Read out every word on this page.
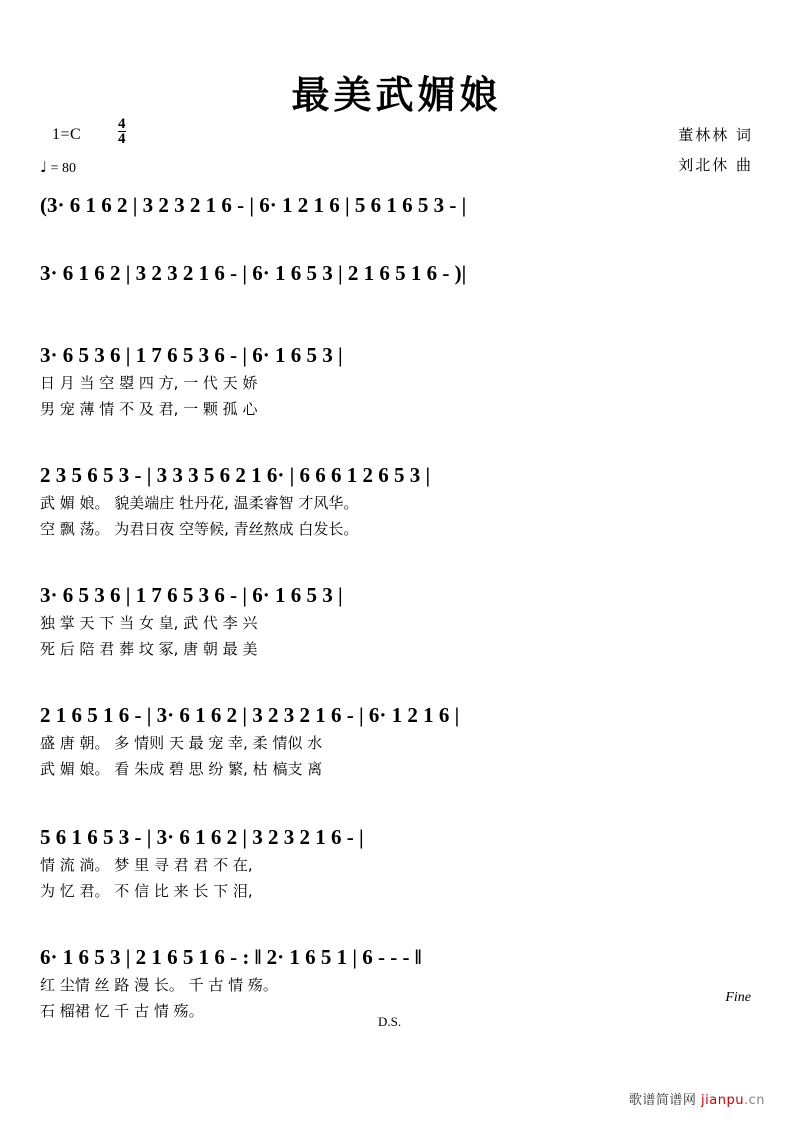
最美武媚娘
$1=C \frac{4}{4}$
♩ = 80
董林林 词
刘北休 曲
(3· 6 1 6 2 | 3 2 3 2 1 6 - | 6· 1 2 1 6 | 5 6 1 6 5 3 - |
3· 6 1 6 2 | 3 2 3 2 1 6 - | 6· 1 6 5 3 | 2 1 6 5 1 6 - )|
3· 6 5 3 6 | 1 7 6 5 3 6 - | 6· 1 6 5 3 |
日 月 当 空 曌 四 方, 一 代 天 娇
男 宠 薄 情 不 及 君, 一 颗 孤 心
2 3 5 6 5 3 - | 3 3 3 5 6 2 1 6· | 6 6 6 1 2 6 5 3 |
武 媚 娘。 貌美端庄 牡丹花, 温柔睿智 才风华。
空 飘 荡。 为君日夜 空等候, 青丝熬成 白发长。
3· 6 5 3 6 | 1 7 6 5 3 6 - | 6· 1 6 5 3 |
独 掌 天 下 当 女 皇, 武 代 李 兴
死 后 陪 君 葬 坟 冢, 唐 朝 最 美
2 1 6 5 1 6 - | 3· 6 1 6 2 | 3 2 3 2 1 6 - | 6· 1 2 1 6 |
盛 唐 朝。 多 情则 天 最 宠 幸, 柔 情似 水
武 媚 娘。 看 朱成 碧 思 纷 繁, 枯 槁支 离
5 6 1 6 5 3 - | 3· 6 1 6 2 | 3 2 3 2 1 6 - |
情 流 淌。 梦 里 寻 君 君 不 在,
为 忆 君。 不 信 比 来 长 下 泪,
6· 1 6 5 3 | 2 1 6 5 1 6 - : ‖ 2· 1 6 5 1 | 6 - - - ‖
红 尘情 丝 路 漫 长。 千 古 情 殇。
石 榴裙 忆 千 古 情 殇。
Fine
D.S.
歌谱简谱网 jianpu.cn
